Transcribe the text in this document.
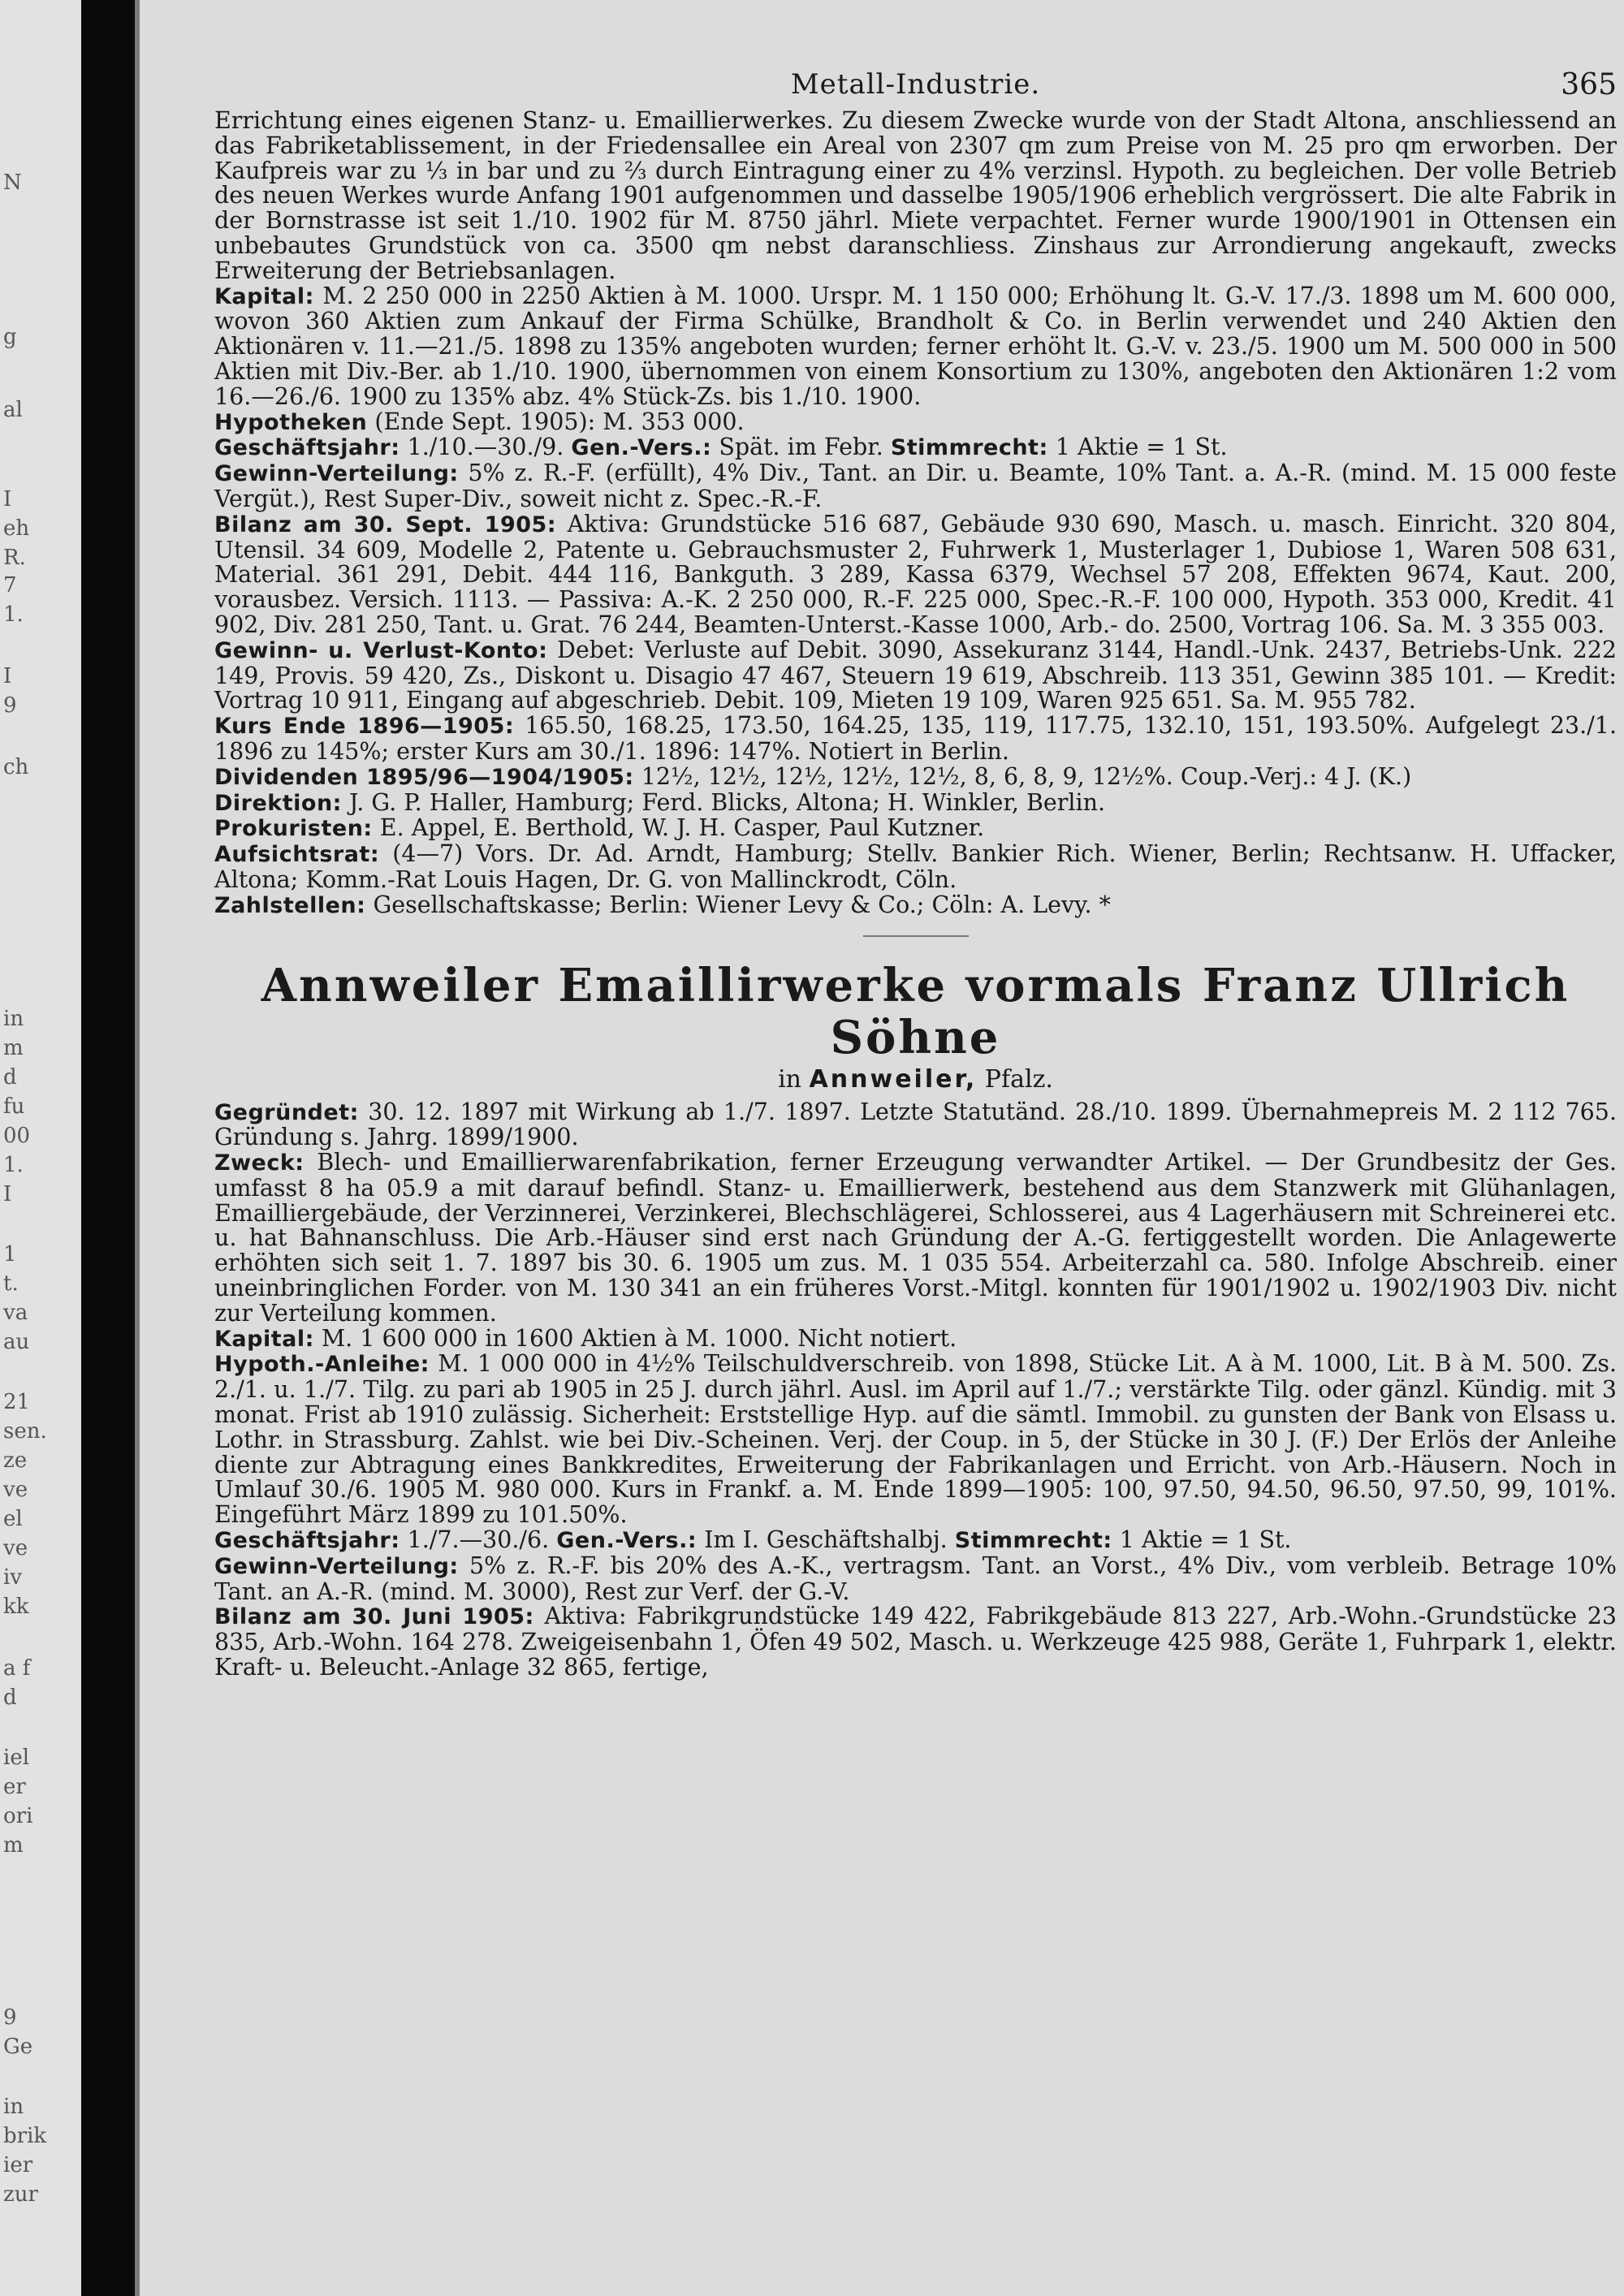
N
g
al
I
eh
R.
7
1.
I
9
ch
in
m
d
fu
00
1.
I
1
t.
va
au
21
sen.
ze
ve
el
ve
iv
kk
a f
d
iel
er
ori
m
9
Ge
in
brik
ier
zur
Metall-Industrie.	365

Errichtung eines eigenen Stanz- u. Emaillierwerkes. Zu diesem Zwecke wurde von der Stadt Altona, anschliessend an das Fabriketablissement, in der Friedensallee ein Areal von 2307 qm zum Preise von M. 25 pro qm erworben. Der Kaufpreis war zu ⅓ in bar und zu ⅔ durch Eintragung einer zu 4% verzinsl. Hypoth. zu begleichen. Der volle Betrieb des neuen Werkes wurde Anfang 1901 aufgenommen und dasselbe 1905/1906 erheblich vergrössert. Die alte Fabrik in der Bornstrasse ist seit 1./10. 1902 für M. 8750 jährl. Miete verpachtet. Ferner wurde 1900/1901 in Ottensen ein unbebautes Grundstück von ca. 3500 qm nebst daranschliess. Zinshaus zur Arrondierung angekauft, zwecks Erweiterung der Betriebsanlagen.

Kapital: M. 2 250 000 in 2250 Aktien à M. 1000. Urspr. M. 1 150 000; Erhöhung lt. G.-V. 17./3. 1898 um M. 600 000, wovon 360 Aktien zum Ankauf der Firma Schülke, Brandholt & Co. in Berlin verwendet und 240 Aktien den Aktionären v. 11.—21./5. 1898 zu 135% angeboten wurden; ferner erhöht lt. G.-V. v. 23./5. 1900 um M. 500 000 in 500 Aktien mit Div.-Ber. ab 1./10. 1900, übernommen von einem Konsortium zu 130%, angeboten den Aktionären 1:2 vom 16.—26./6. 1900 zu 135% abz. 4% Stück-Zs. bis 1./10. 1900.

Hypotheken (Ende Sept. 1905): M. 353 000.

Geschäftsjahr: 1./10.—30./9. Gen.-Vers.: Spät. im Febr. Stimmrecht: 1 Aktie = 1 St.

Gewinn-Verteilung: 5% z. R.-F. (erfüllt), 4% Div., Tant. an Dir. u. Beamte, 10% Tant. a. A.-R. (mind. M. 15 000 feste Vergüt.), Rest Super-Div., soweit nicht z. Spec.-R.-F.

Bilanz am 30. Sept. 1905: Aktiva: Grundstücke 516 687, Gebäude 930 690, Masch. u. masch. Einricht. 320 804, Utensil. 34 609, Modelle 2, Patente u. Gebrauchsmuster 2, Fuhrwerk 1, Musterlager 1, Dubiose 1, Waren 508 631, Material. 361 291, Debit. 444 116, Bankguth. 3 289, Kassa 6379, Wechsel 57 208, Effekten 9674, Kaut. 200, vorausbez. Versich. 1113. — Passiva: A.-K. 2 250 000, R.-F. 225 000, Spec.-R.-F. 100 000, Hypoth. 353 000, Kredit. 41 902, Div. 281 250, Tant. u. Grat. 76 244, Beamten-Unterst.-Kasse 1000, Arb.- do. 2500, Vortrag 106. Sa. M. 3 355 003.

Gewinn- u. Verlust-Konto: Debet: Verluste auf Debit. 3090, Assekuranz 3144, Handl.-Unk. 2437, Betriebs-Unk. 222 149, Provis. 59 420, Zs., Diskont u. Disagio 47 467, Steuern 19 619, Abschreib. 113 351, Gewinn 385 101. — Kredit: Vortrag 10 911, Eingang auf abgeschrieb. Debit. 109, Mieten 19 109, Waren 925 651. Sa. M. 955 782.

Kurs Ende 1896—1905: 165.50, 168.25, 173.50, 164.25, 135, 119, 117.75, 132.10, 151, 193.50%. Aufgelegt 23./1. 1896 zu 145%; erster Kurs am 30./1. 1896: 147%. Notiert in Berlin.

Dividenden 1895/96—1904/1905: 12½, 12½, 12½, 12½, 12½, 8, 6, 8, 9, 12½%. Coup.-Verj.: 4 J. (K.)

Direktion: J. G. P. Haller, Hamburg; Ferd. Blicks, Altona; H. Winkler, Berlin.

Prokuristen: E. Appel, E. Berthold, W. J. H. Casper, Paul Kutzner.

Aufsichtsrat: (4—7) Vors. Dr. Ad. Arndt, Hamburg; Stellv. Bankier Rich. Wiener, Berlin; Rechtsanw. H. Uffacker, Altona; Komm.-Rat Louis Hagen, Dr. G. von Mallinckrodt, Cöln.

Zahlstellen: Gesellschaftskasse; Berlin: Wiener Levy & Co.; Cöln: A. Levy. *

Annweiler Emaillirwerke vormals Franz Ullrich Söhne
in Annweiler, Pfalz.

Gegründet: 30. 12. 1897 mit Wirkung ab 1./7. 1897. Letzte Statutänd. 28./10. 1899. Übernahmepreis M. 2 112 765. Gründung s. Jahrg. 1899/1900.

Zweck: Blech- und Emaillierwarenfabrikation, ferner Erzeugung verwandter Artikel. — Der Grundbesitz der Ges. umfasst 8 ha 05.9 a mit darauf befindl. Stanz- u. Emaillierwerk, bestehend aus dem Stanzwerk mit Glühanlagen, Emailliergebäude, der Verzinnerei, Verzinkerei, Blechschlägerei, Schlosserei, aus 4 Lagerhäusern mit Schreinerei etc. u. hat Bahnanschluss. Die Arb.-Häuser sind erst nach Gründung der A.-G. fertiggestellt worden. Die Anlagewerte erhöhten sich seit 1. 7. 1897 bis 30. 6. 1905 um zus. M. 1 035 554. Arbeiterzahl ca. 580. Infolge Abschreib. einer uneinbringlichen Forder. von M. 130 341 an ein früheres Vorst.-Mitgl. konnten für 1901/1902 u. 1902/1903 Div. nicht zur Verteilung kommen.

Kapital: M. 1 600 000 in 1600 Aktien à M. 1000. Nicht notiert.

Hypoth.-Anleihe: M. 1 000 000 in 4½% Teilschuldverschreib. von 1898, Stücke Lit. A à M. 1000, Lit. B à M. 500. Zs. 2./1. u. 1./7. Tilg. zu pari ab 1905 in 25 J. durch jährl. Ausl. im April auf 1./7.; verstärkte Tilg. oder gänzl. Kündig. mit 3 monat. Frist ab 1910 zulässig. Sicherheit: Erststellige Hyp. auf die sämtl. Immobil. zu gunsten der Bank von Elsass u. Lothr. in Strassburg. Zahlst. wie bei Div.-Scheinen. Verj. der Coup. in 5, der Stücke in 30 J. (F.) Der Erlös der Anleihe diente zur Abtragung eines Bankkredites, Erweiterung der Fabrikanlagen und Erricht. von Arb.-Häusern. Noch in Umlauf 30./6. 1905 M. 980 000. Kurs in Frankf. a. M. Ende 1899—1905: 100, 97.50, 94.50, 96.50, 97.50, 99, 101%. Eingeführt März 1899 zu 101.50%.

Geschäftsjahr: 1./7.—30./6. Gen.-Vers.: Im I. Geschäftshalbj. Stimmrecht: 1 Aktie = 1 St.

Gewinn-Verteilung: 5% z. R.-F. bis 20% des A.-K., vertragsm. Tant. an Vorst., 4% Div., vom verbleib. Betrage 10% Tant. an A.-R. (mind. M. 3000), Rest zur Verf. der G.-V.

Bilanz am 30. Juni 1905: Aktiva: Fabrikgrundstücke 149 422, Fabrikgebäude 813 227, Arb.-Wohn.-Grundstücke 23 835, Arb.-Wohn. 164 278. Zweigeisenbahn 1, Öfen 49 502, Masch. u. Werkzeuge 425 988, Geräte 1, Fuhrpark 1, elektr. Kraft- u. Beleucht.-Anlage 32 865, fertige,
